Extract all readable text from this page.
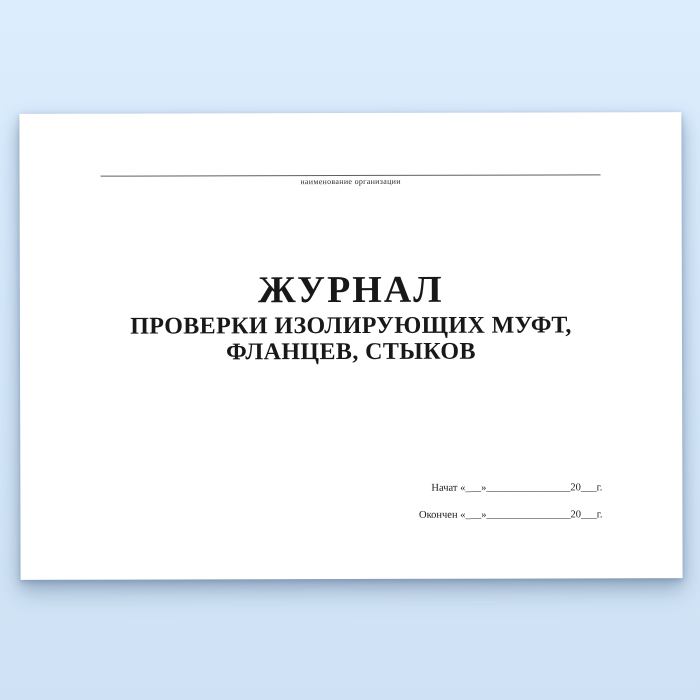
наименование организации
ЖУРНАЛ
ПРОВЕРКИ ИЗОЛИРУЮЩИХ МУФТ,
ФЛАНЦЕВ, СТЫКОВ
Начат «___»________________20___г.
Окончен «___»________________20___г.
